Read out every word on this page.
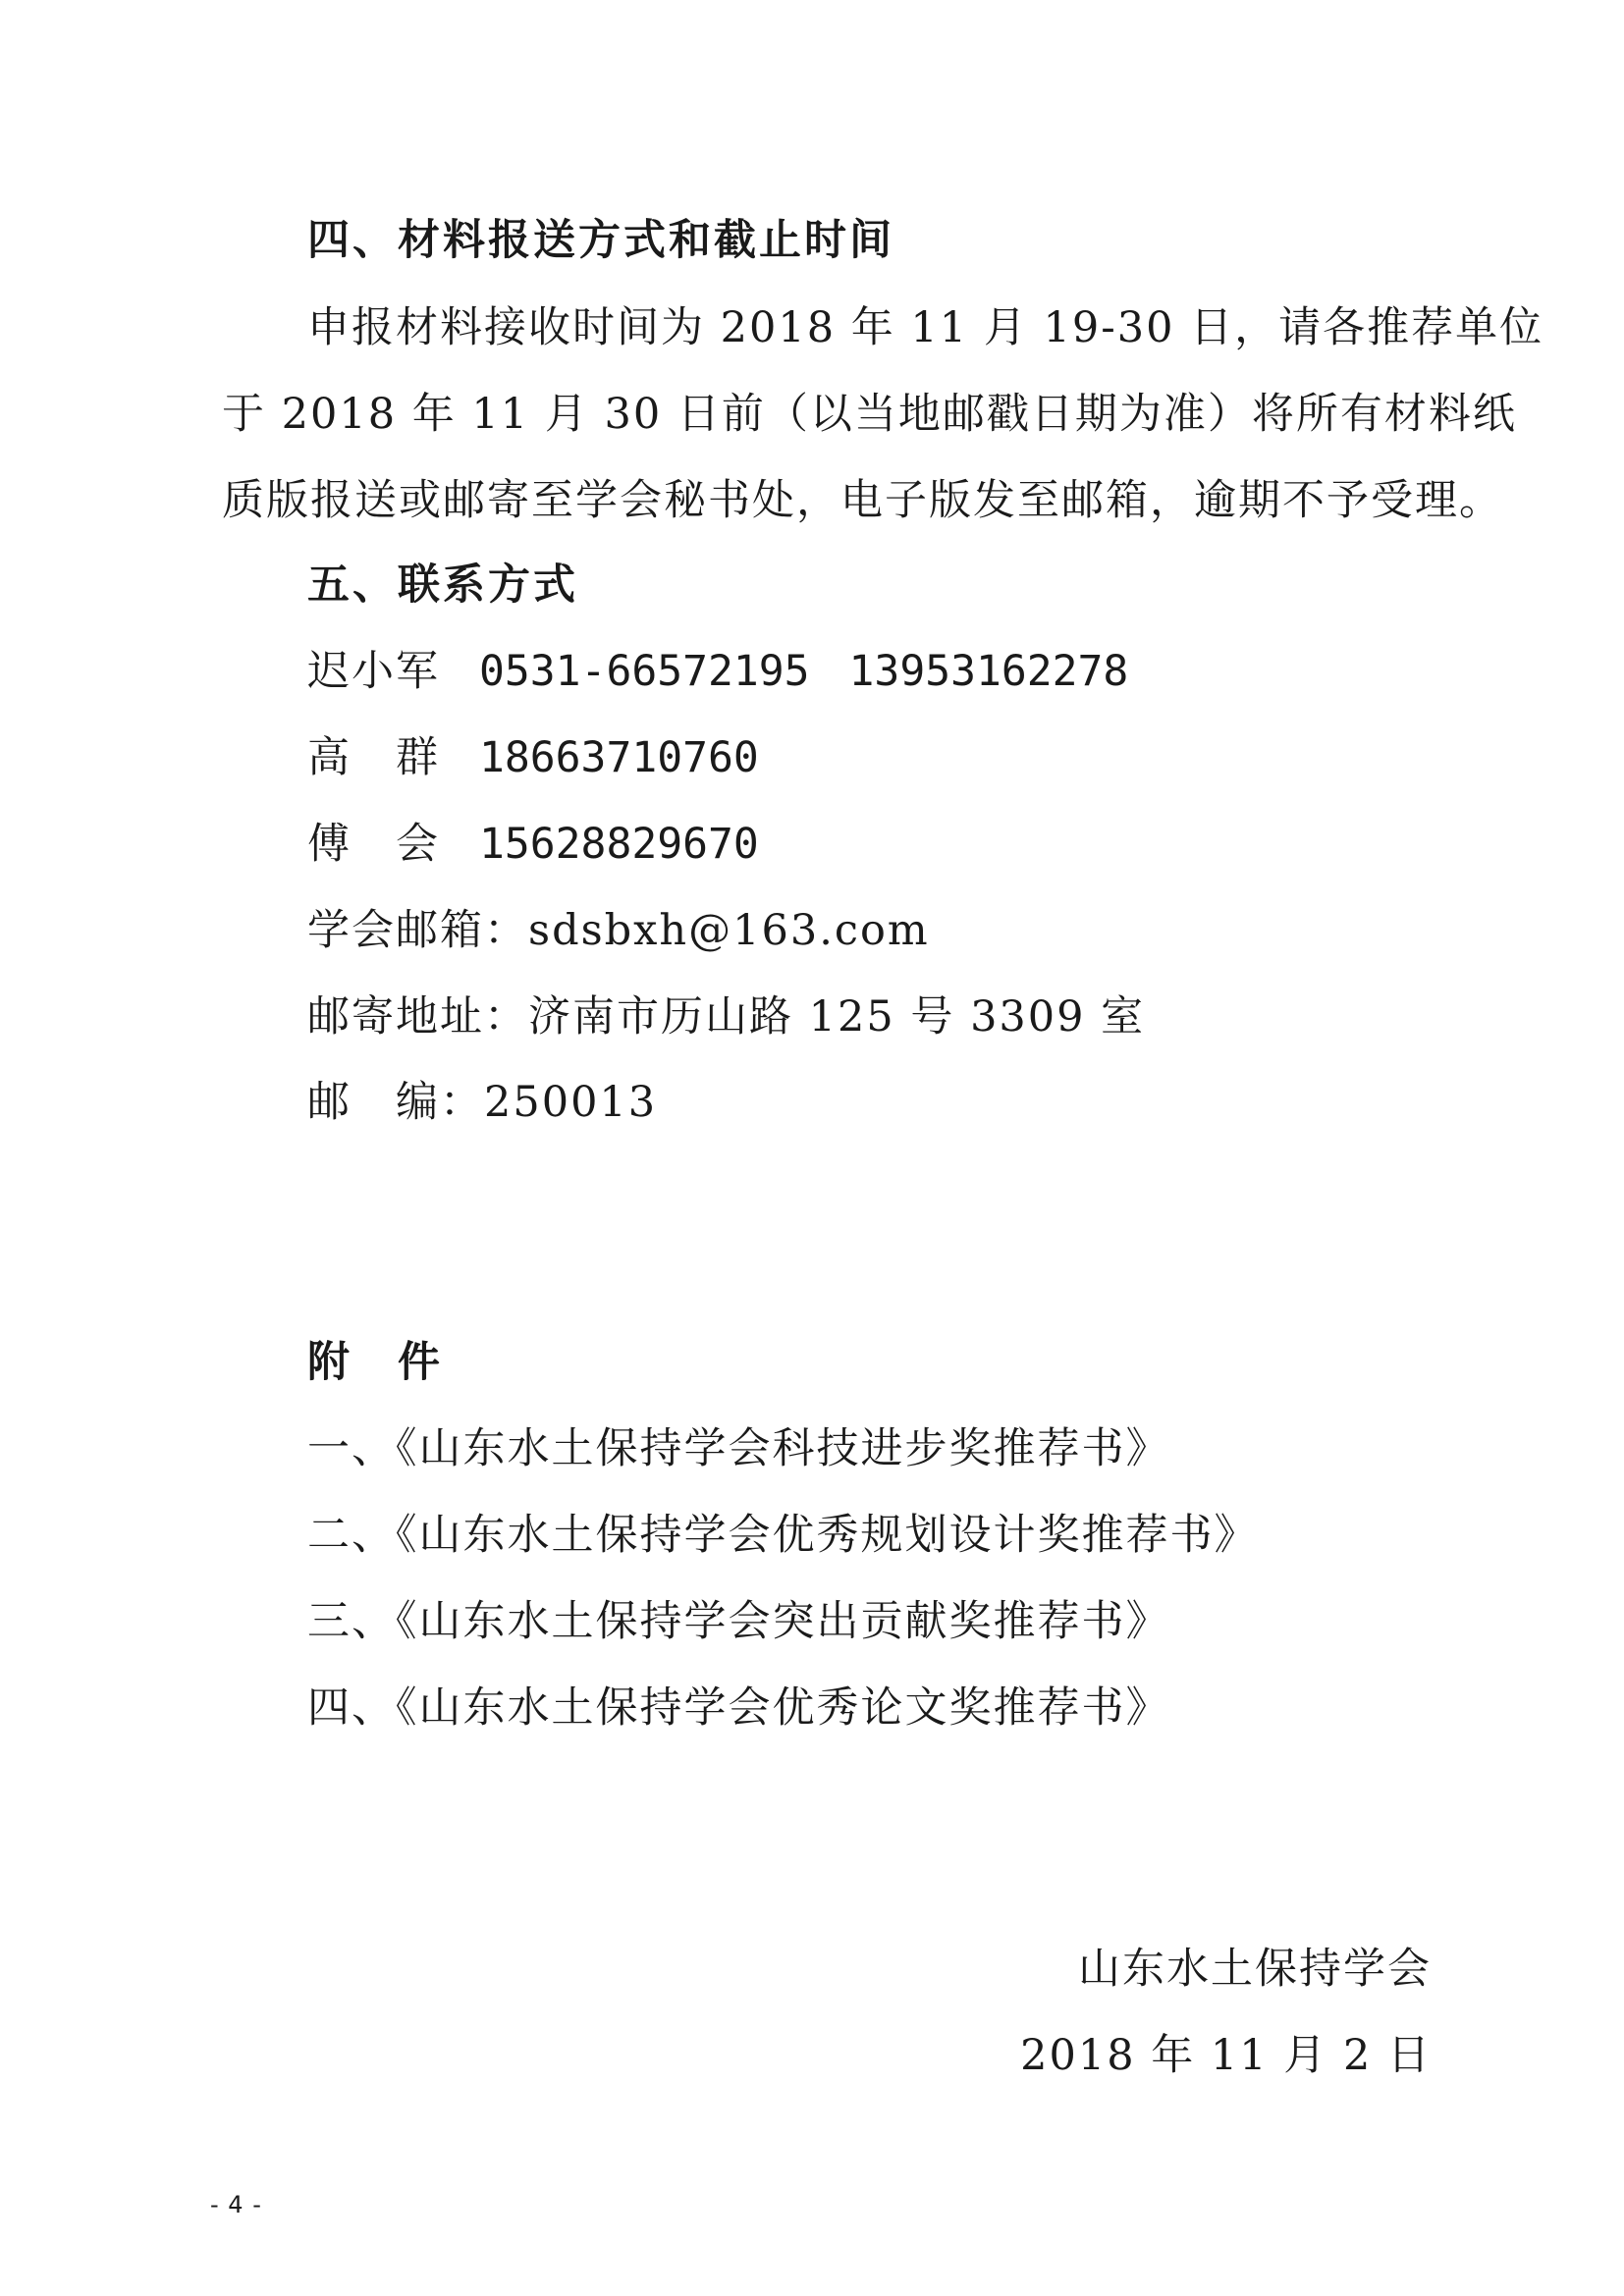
四、材料报送方式和截止时间
申报材料接收时间为 2018 年 11 月 19-30 日，请各推荐单位
于 2018 年 11 月 30 日前（以当地邮戳日期为准）将所有材料纸
质版报送或邮寄至学会秘书处，电子版发至邮箱，逾期不予受理。
五、联系方式
迟小军 0531-66572195 13953162278
高　群 18663710760
傅　会 15628829670
学会邮箱：sdsbxh@163.com
邮寄地址：济南市历山路 125 号 3309 室
邮　编：250013
附　件
一、《山东水土保持学会科技进步奖推荐书》
二、《山东水土保持学会优秀规划设计奖推荐书》
三、《山东水土保持学会突出贡献奖推荐书》
四、《山东水土保持学会优秀论文奖推荐书》
山东水土保持学会
2018 年 11 月 2 日
- 4 -
